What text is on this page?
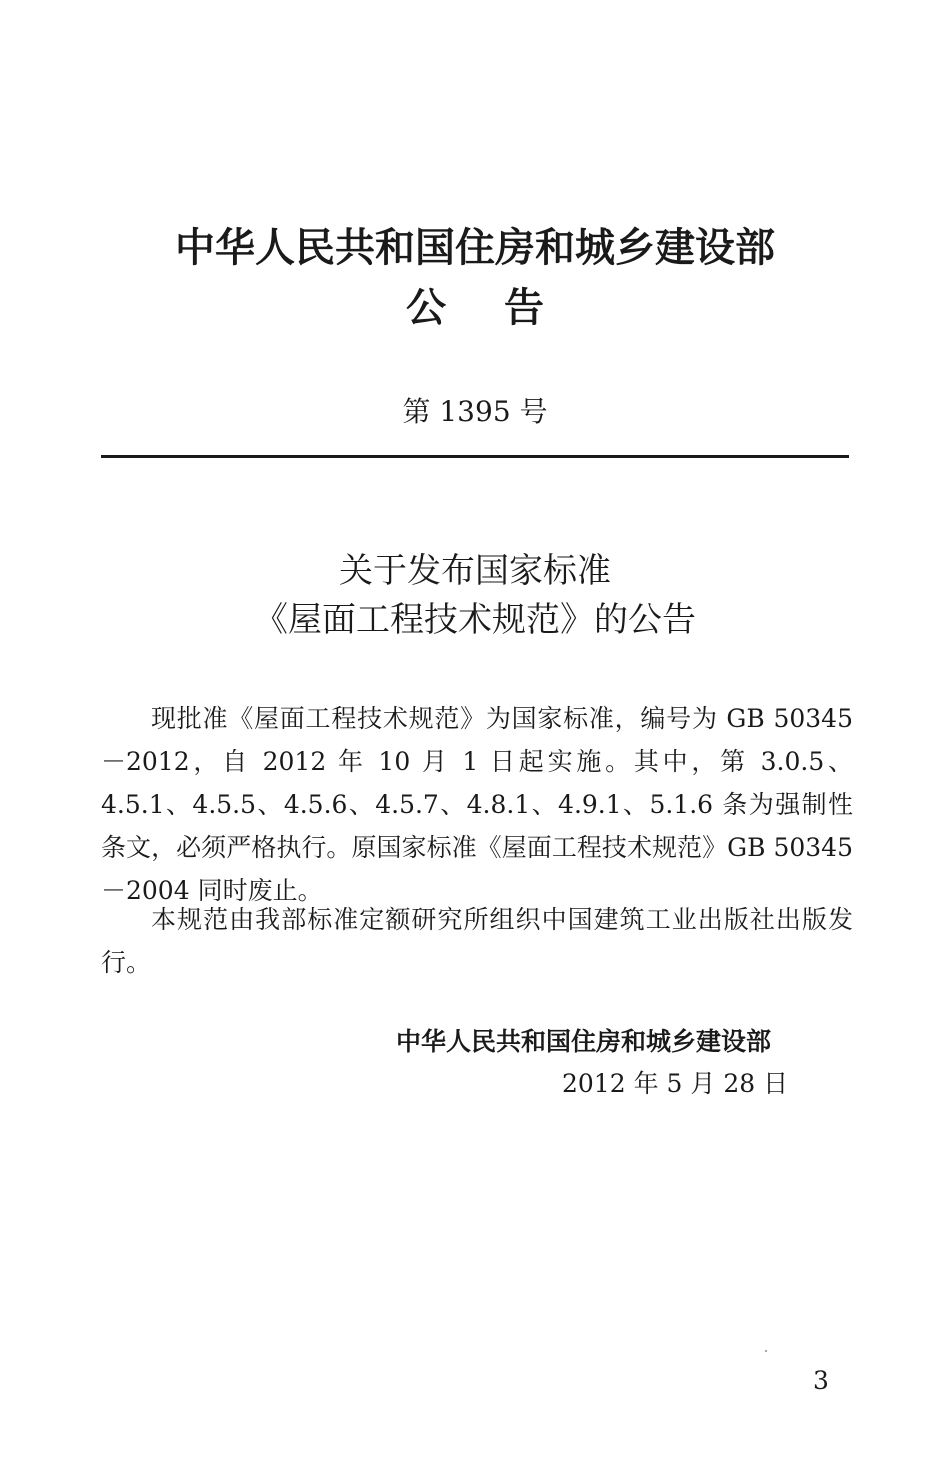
中华人民共和国住房和城乡建设部
公告
第 1395 号
关于发布国家标准
《屋面工程技术规范》的公告

现批准《屋面工程技术规范》为国家标准，编号为 GB 50345－2012，自 2012 年 10 月 1 日起实施。其中，第 3.0.5、4.5.1、4.5.5、4.5.6、4.5.7、4.8.1、4.9.1、5.1.6 条为强制性条文，必须严格执行。原国家标准《屋面工程技术规范》GB 50345－2004 同时废止。

本规范由我部标准定额研究所组织中国建筑工业出版社出版发行。

中华人民共和国住房和城乡建设部
2012 年 5 月 28 日
3
